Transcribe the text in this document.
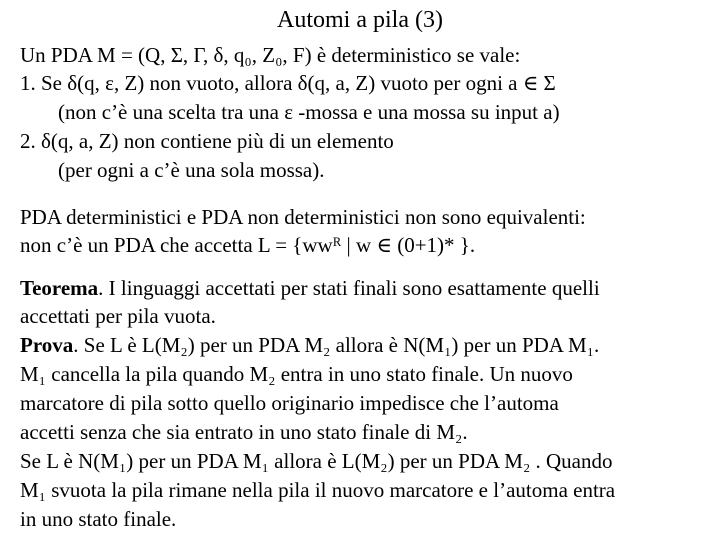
Automi a pila (3)
Un PDA M = (Q, Σ, Γ, δ, q₀, Z₀, F) è deterministico se vale:
1. Se δ(q, ε, Z) non vuoto, allora δ(q, a, Z) vuoto per ogni a ∈ Σ
(non c’è una scelta tra una ε -mossa e una mossa su input a)
2. δ(q, a, Z) non contiene più di un elemento
(per ogni a c’è una sola mossa).
PDA deterministici e PDA non deterministici non sono equivalenti:
non c’è un PDA che accetta L = {wwᴿ | w ∈ (0+1)* }.
Teorema. I linguaggi accettati per stati finali sono esattamente quelli
accettati per pila vuota.
Prova. Se L è L(M₂) per un PDA M₂ allora è N(M₁) per un PDA M₁.
M₁ cancella la pila quando M₂ entra in uno stato finale. Un nuovo
marcatore di pila sotto quello originario impedisce che l’automa
accetti senza che sia entrato in uno stato finale di M₂.
Se L è N(M₁) per un PDA M₁ allora è L(M₂) per un PDA M₂ . Quando
M₁ svuota la pila rimane nella pila il nuovo marcatore e l’automa entra
in uno stato finale.
